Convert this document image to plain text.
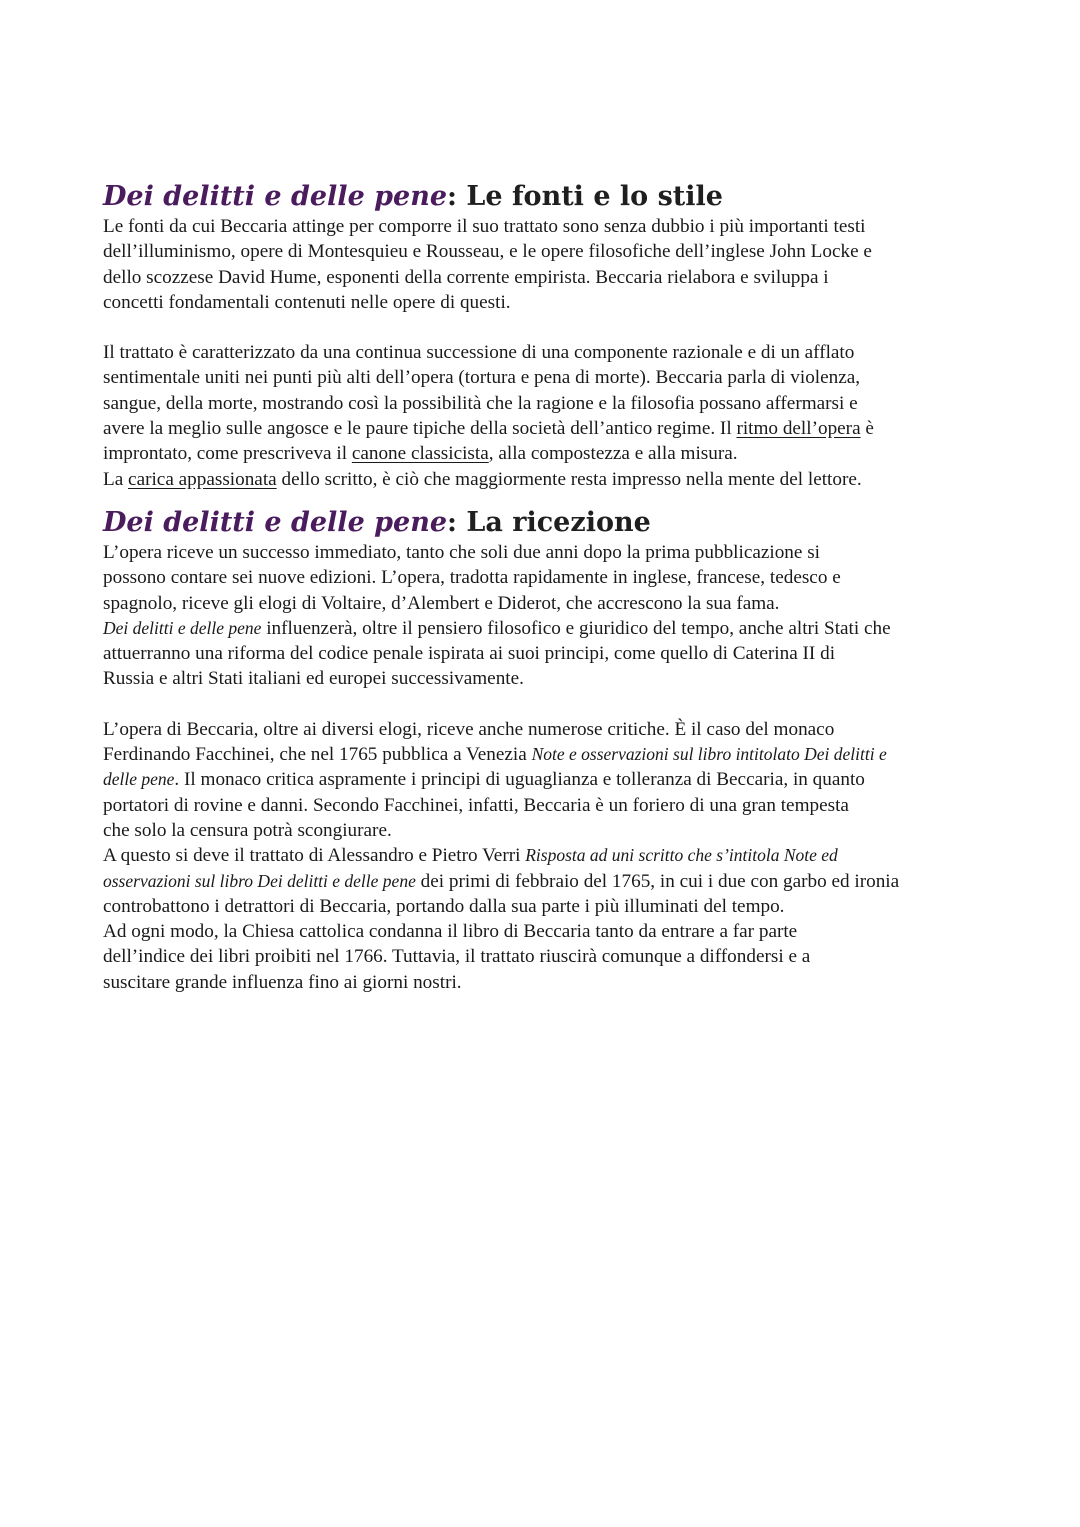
Dei delitti e delle pene: Le fonti e lo stile

Le fonti da cui Beccaria attinge per comporre il suo trattato sono senza dubbio i più importanti testi
dell’illuminismo, opere di Montesquieu e Rousseau, e le opere filosofiche dell’inglese John Locke e
dello scozzese David Hume, esponenti della corrente empirista. Beccaria rielabora e sviluppa i
concetti fondamentali contenuti nelle opere di questi.

Il trattato è caratterizzato da una continua successione di una componente razionale e di un afflato
sentimentale uniti nei punti più alti dell’opera (tortura e pena di morte). Beccaria parla di violenza,
sangue, della morte, mostrando così la possibilità che la ragione e la filosofia possano affermarsi e
avere la meglio sulle angosce e le paure tipiche della società dell’antico regime. Il ritmo dell’opera è
improntato, come prescriveva il canone classicista, alla compostezza e alla misura.
La carica appassionata dello scritto, è ciò che maggiormente resta impresso nella mente del lettore.

Dei delitti e delle pene: La ricezione

L’opera riceve un successo immediato, tanto che soli due anni dopo la prima pubblicazione si
possono contare sei nuove edizioni. L’opera, tradotta rapidamente in inglese, francese, tedesco e
spagnolo, riceve gli elogi di Voltaire, d’Alembert e Diderot, che accrescono la sua fama.
Dei delitti e delle pene influenzerà, oltre il pensiero filosofico e giuridico del tempo, anche altri Stati che
attuerranno una riforma del codice penale ispirata ai suoi principi, come quello di Caterina II di
Russia e altri Stati italiani ed europei successivamente.

L’opera di Beccaria, oltre ai diversi elogi, riceve anche numerose critiche. È il caso del monaco
Ferdinando Facchinei, che nel 1765 pubblica a Venezia Note e osservazioni sul libro intitolato Dei delitti e
delle pene. Il monaco critica aspramente i principi di uguaglianza e tolleranza di Beccaria, in quanto
portatori di rovine e danni. Secondo Facchinei, infatti, Beccaria è un foriero di una gran tempesta
che solo la censura potrà scongiurare.
A questo si deve il trattato di Alessandro e Pietro Verri Risposta ad uni scritto che s’intitola Note ed
osservazioni sul libro Dei delitti e delle pene dei primi di febbraio del 1765, in cui i due con garbo ed ironia
controbattono i detrattori di Beccaria, portando dalla sua parte i più illuminati del tempo.
Ad ogni modo, la Chiesa cattolica condanna il libro di Beccaria tanto da entrare a far parte
dell’indice dei libri proibiti nel 1766. Tuttavia, il trattato riuscirà comunque a diffondersi e a
suscitare grande influenza fino ai giorni nostri.
